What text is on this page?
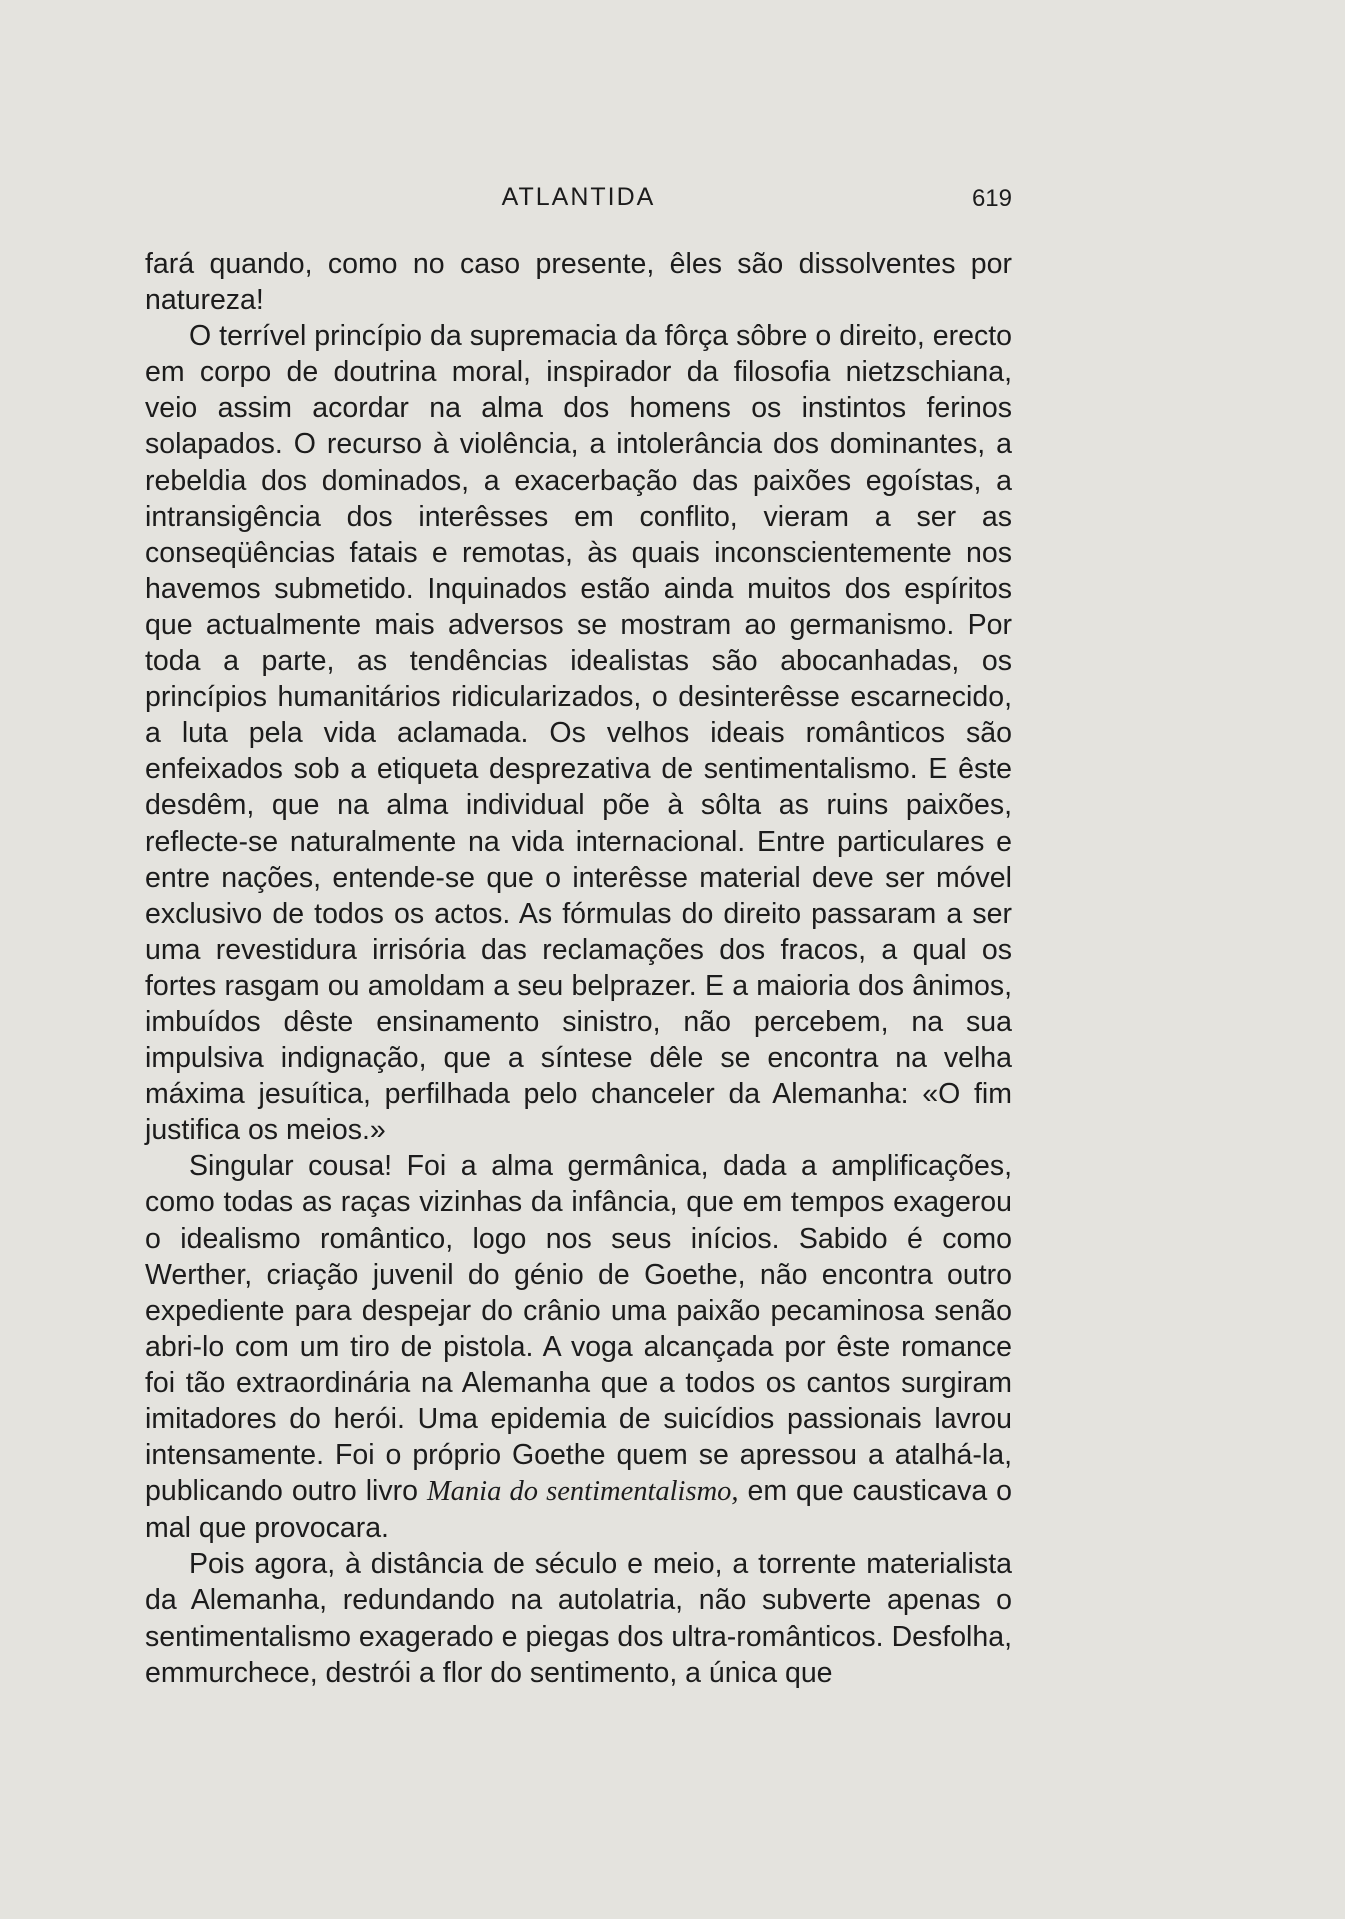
ATLANTIDA	619

fará quando, como no caso presente, êles são dissolventes por natureza!

O terrível princípio da supremacia da fôrça sôbre o direito, erecto em corpo de doutrina moral, inspirador da filosofia nietzschiana, veio assim acordar na alma dos homens os instintos ferinos solapados. O recurso à violência, a intolerância dos dominantes, a rebeldia dos dominados, a exacerbação das paixões egoístas, a intransigência dos interêsses em conflito, vieram a ser as conseqüências fatais e remotas, às quais inconscientemente nos havemos submetido. Inquinados estão ainda muitos dos espíritos que actualmente mais adversos se mostram ao germanismo. Por toda a parte, as tendências idealistas são abocanhadas, os princípios humanitários ridicularizados, o desinterêsse escarnecido, a luta pela vida aclamada. Os velhos ideais românticos são enfeixados sob a etiqueta desprezativa de sentimentalismo. E êste desdêm, que na alma individual põe à sôlta as ruins paixões, reflecte-se naturalmente na vida internacional. Entre particulares e entre nações, entende-se que o interêsse material deve ser móvel exclusivo de todos os actos. As fórmulas do direito passaram a ser uma revestidura irrisória das reclamações dos fracos, a qual os fortes rasgam ou amoldam a seu belprazer. E a maioria dos ânimos, imbuídos dêste ensinamento sinistro, não percebem, na sua impulsiva indignação, que a síntese dêle se encontra na velha máxima jesuítica, perfilhada pelo chanceler da Alemanha: «O fim justifica os meios.»

Singular cousa! Foi a alma germânica, dada a amplificações, como todas as raças vizinhas da infância, que em tempos exagerou o idealismo romântico, logo nos seus inícios. Sabido é como Werther, criação juvenil do génio de Goethe, não encontra outro expediente para despejar do crânio uma paixão pecaminosa senão abri-lo com um tiro de pistola. A voga alcançada por êste romance foi tão extraordinária na Alemanha que a todos os cantos surgiram imitadores do herói. Uma epidemia de suicídios passionais lavrou intensamente. Foi o próprio Goethe quem se apressou a atalhá-la, publicando outro livro Mania do sentimentalismo, em que causticava o mal que provocara.

Pois agora, à distância de século e meio, a torrente materialista da Alemanha, redundando na autolatria, não subverte apenas o sentimentalismo exagerado e piegas dos ultra-românticos. Desfolha, emmurchece, destrói a flor do sentimento, a única que
